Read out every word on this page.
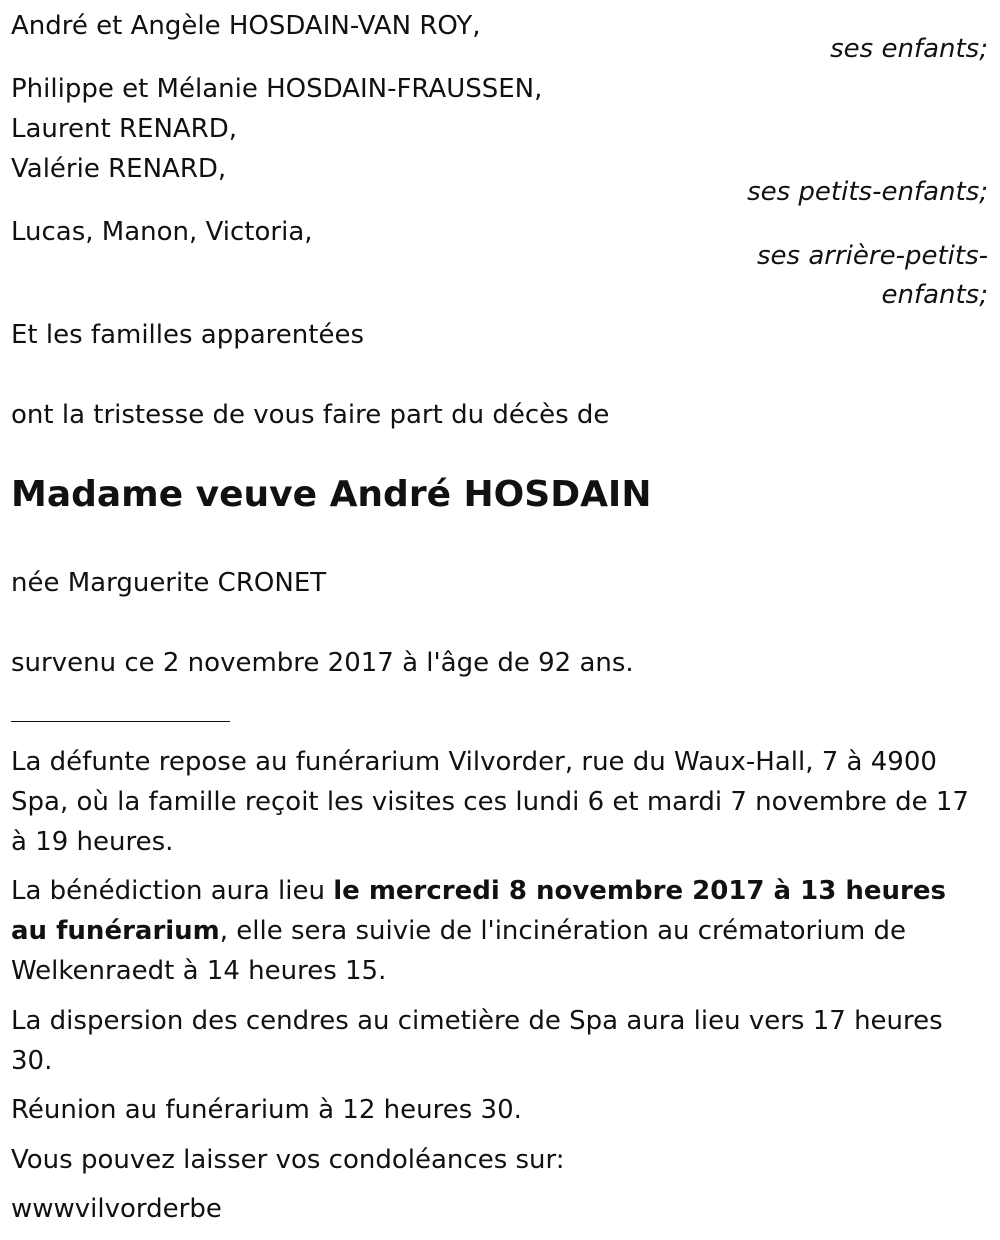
André et Angèle HOSDAIN-VAN ROY,
ses enfants;
Philippe et Mélanie HOSDAIN-FRAUSSEN,
Laurent RENARD,
Valérie RENARD,
ses petits-enfants;
Lucas, Manon, Victoria,
ses arrière-petits-
enfants;
Et les familles apparentées
ont la tristesse de vous faire part du décès de
Madame veuve André HOSDAIN
née Marguerite CRONET
survenu ce 2 novembre 2017 à l'âge de 92 ans.
La défunte repose au funérarium Vilvorder, rue du Waux-Hall, 7 à 4900 Spa, où la famille reçoit les visites ces lundi 6 et mardi 7 novembre de 17 à 19 heures.
La bénédiction aura lieu le mercredi 8 novembre 2017 à 13 heures au funérarium, elle sera suivie de l'incinération au crématorium de Welkenraedt à 14 heures 15.
La dispersion des cendres au cimetière de Spa aura lieu vers 17 heures 30.
Réunion au funérarium à 12 heures 30.
Vous pouvez laisser vos condoléances sur:
wwwvilvorderbe
